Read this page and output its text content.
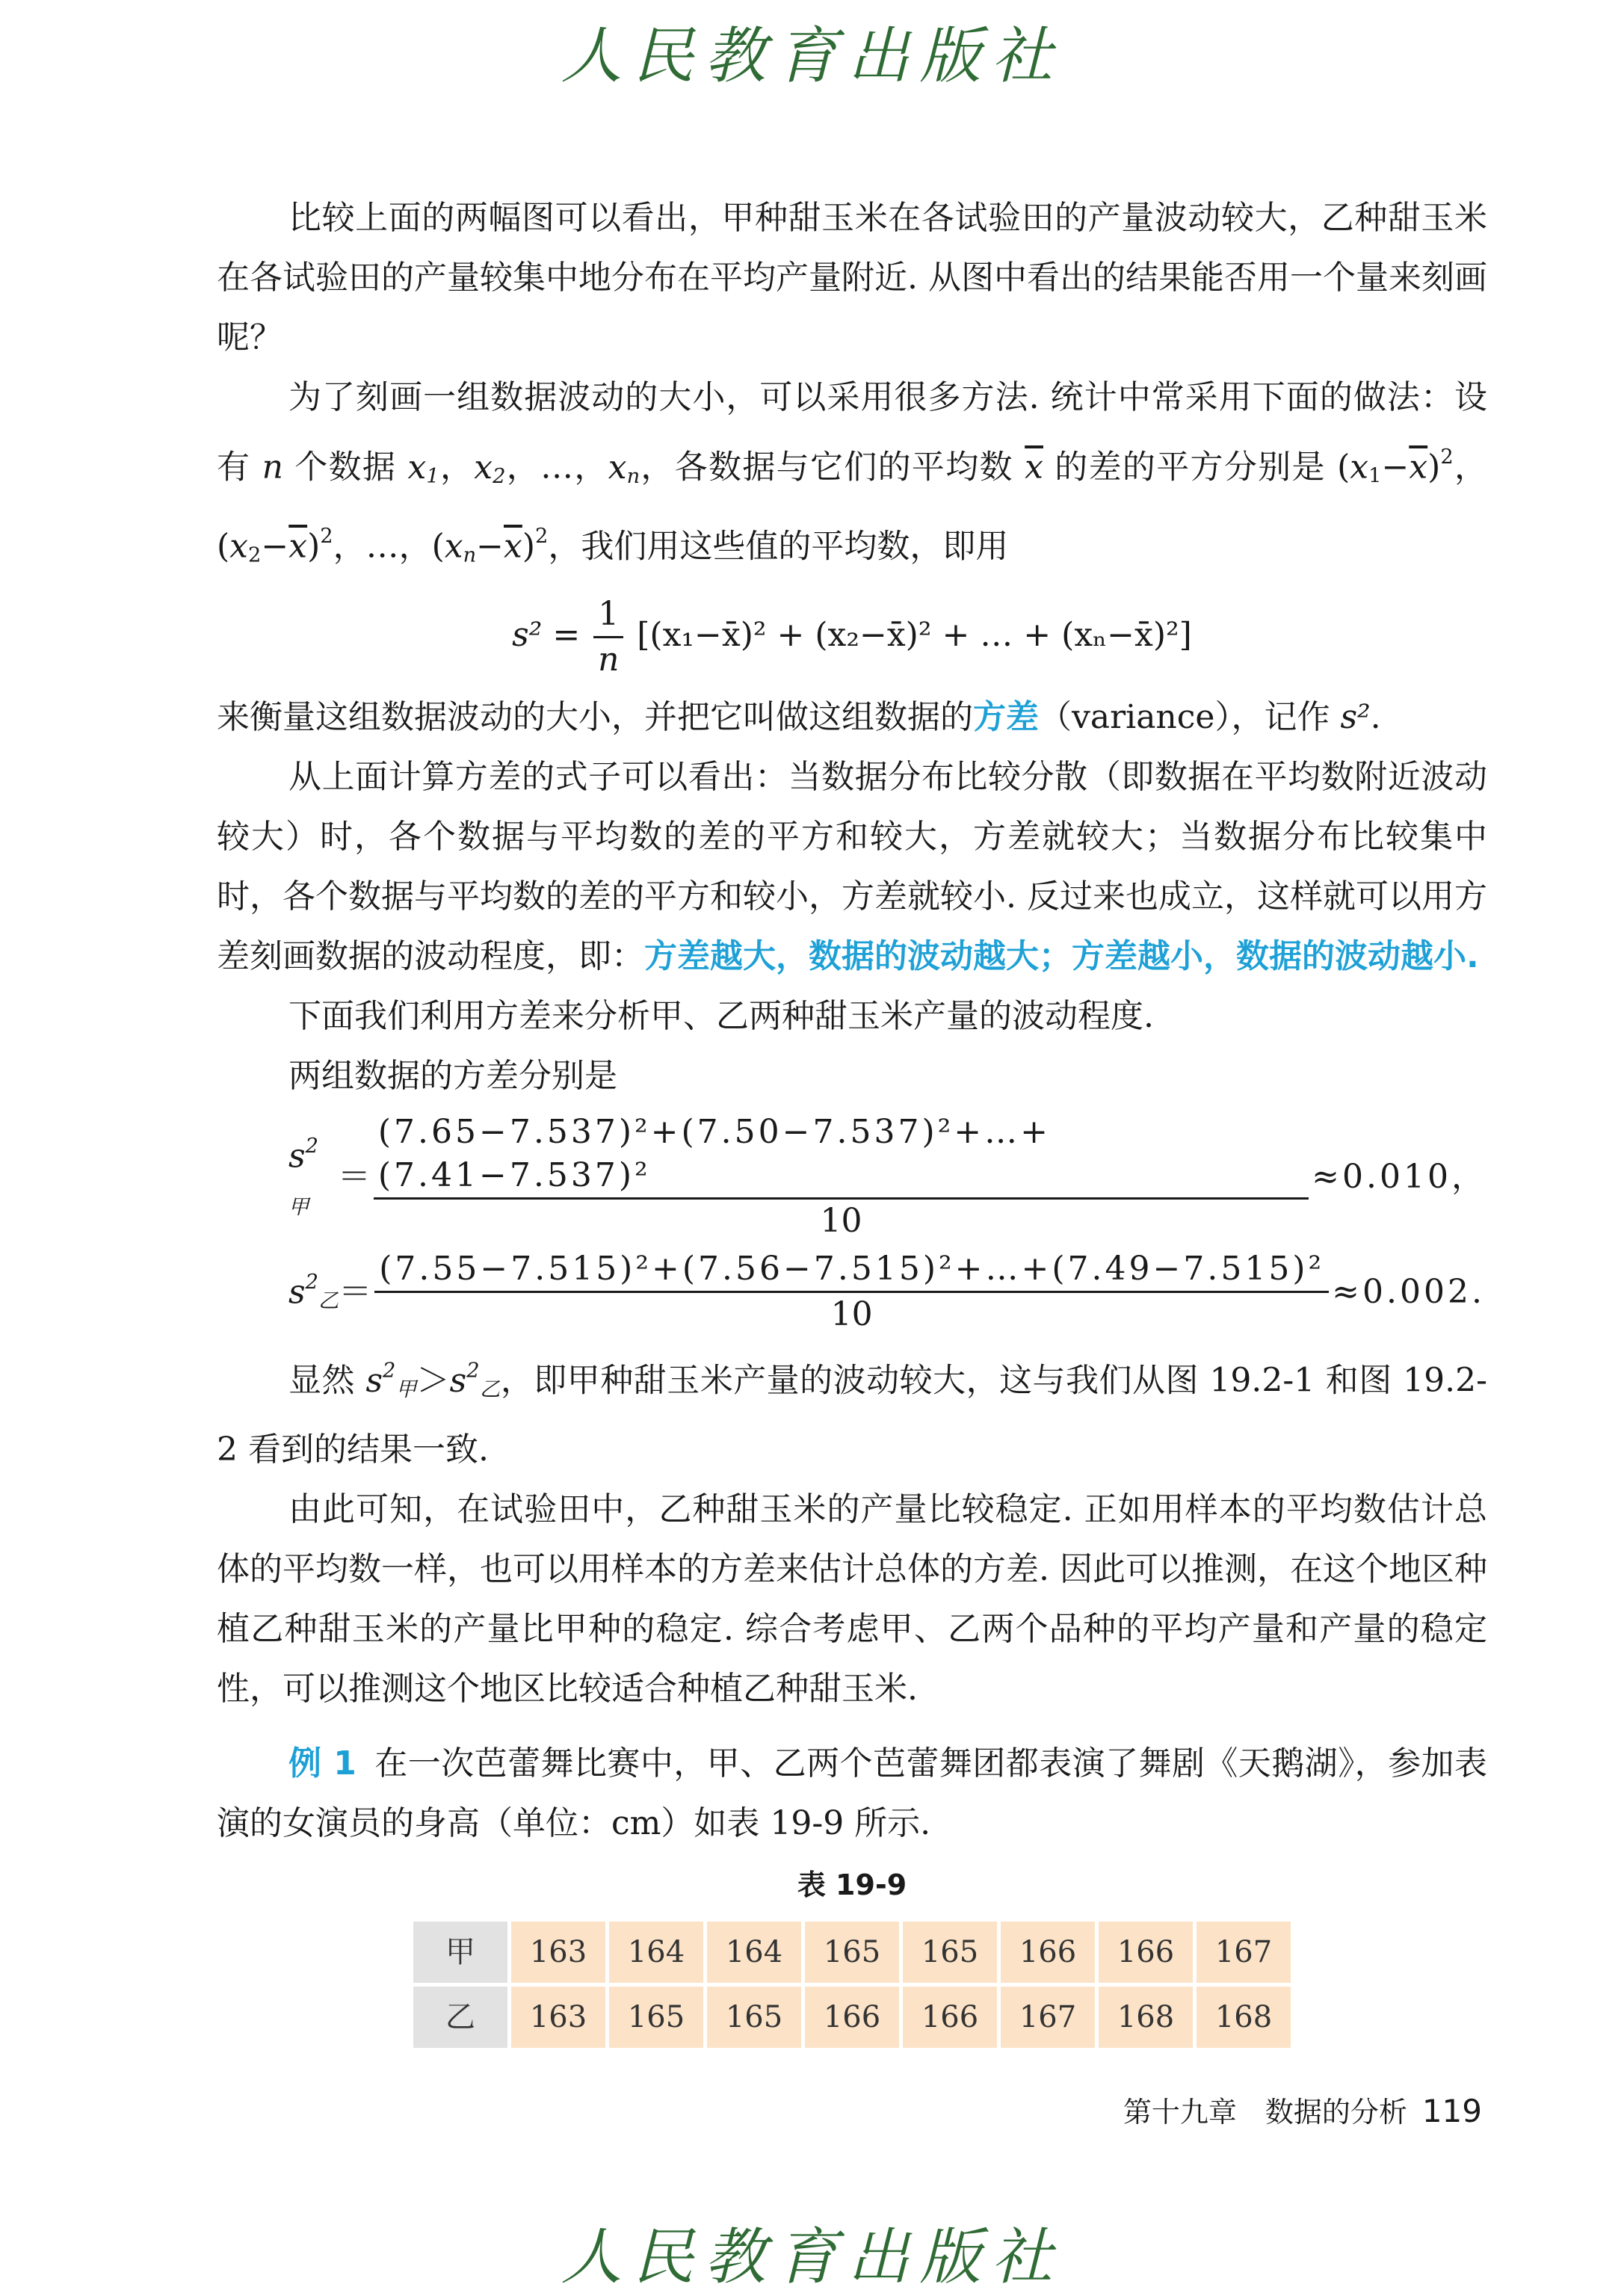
人民教育出版社

比较上面的两幅图可以看出，甲种甜玉米在各试验田的产量波动较大，乙种甜玉米在各试验田的产量较集中地分布在平均产量附近. 从图中看出的结果能否用一个量来刻画呢？

为了刻画一组数据波动的大小，可以采用很多方法. 统计中常采用下面的做法：设有 n 个数据 $x_1$，$x_2$，…，$x_n$，各数据与它们的平均数 $\overline{x}$ 的差的平方分别是 $(x_1-\overline{x})^2$，$(x_2-\overline{x})^2$，…，$(x_n-\overline{x})^2$，我们用这些值的平均数，即用

$s^2 = \frac{1}{n}$ [(x₁−x̄)² + (x₂−x̄)² + … + (xₙ−x̄)²]

来衡量这组数据波动的大小，并把它叫做这组数据的方差（variance），记作 s².

从上面计算方差的式子可以看出：当数据分布比较分散（即数据在平均数附近波动较大）时，各个数据与平均数的差的平方和较大，方差就较大；当数据分布比较集中时，各个数据与平均数的差的平方和较小，方差就较小. 反过来也成立，这样就可以用方差刻画数据的波动程度，即：方差越大，数据的波动越大；方差越小，数据的波动越小.

下面我们利用方差来分析甲、乙两种甜玉米产量的波动程度.

两组数据的方差分别是

$s^2_甲$
＝ $\frac{\text{(7.65−7.537)²+(7.50−7.537)²+…+(7.41−7.537)²}}{10} \approx 0.010$，
$s^2_乙 = \frac{\text{(7.55−7.515)²+(7.56−7.515)²+…+(7.49−7.515)²}}{10} \approx 0.002$.

显然 $s^2_甲>s^2_乙$，即甲种甜玉米产量的波动较大，这与我们从图 19.2-1 和图 19.2-2 看到的结果一致.

由此可知，在试验田中，乙种甜玉米的产量比较稳定. 正如用样本的平均数估计总体的平均数一样，也可以用样本的方差来估计总体的方差. 因此可以推测，在这个地区种植乙种甜玉米的产量比甲种的稳定. 综合考虑甲、乙两个品种的平均产量和产量的稳定性，可以推测这个地区比较适合种植乙种甜玉米.

例 1 在一次芭蕾舞比赛中，甲、乙两个芭蕾舞团都表演了舞剧《天鹅湖》，参加表演的女演员的身高（单位：cm）如表 19-9 所示.

表 19-9
甲	163	164	164	165	165	166	166	167
乙	163	165	165	166	166	167	168	168
第十九章　数据的分析 119
人民教育出版社
